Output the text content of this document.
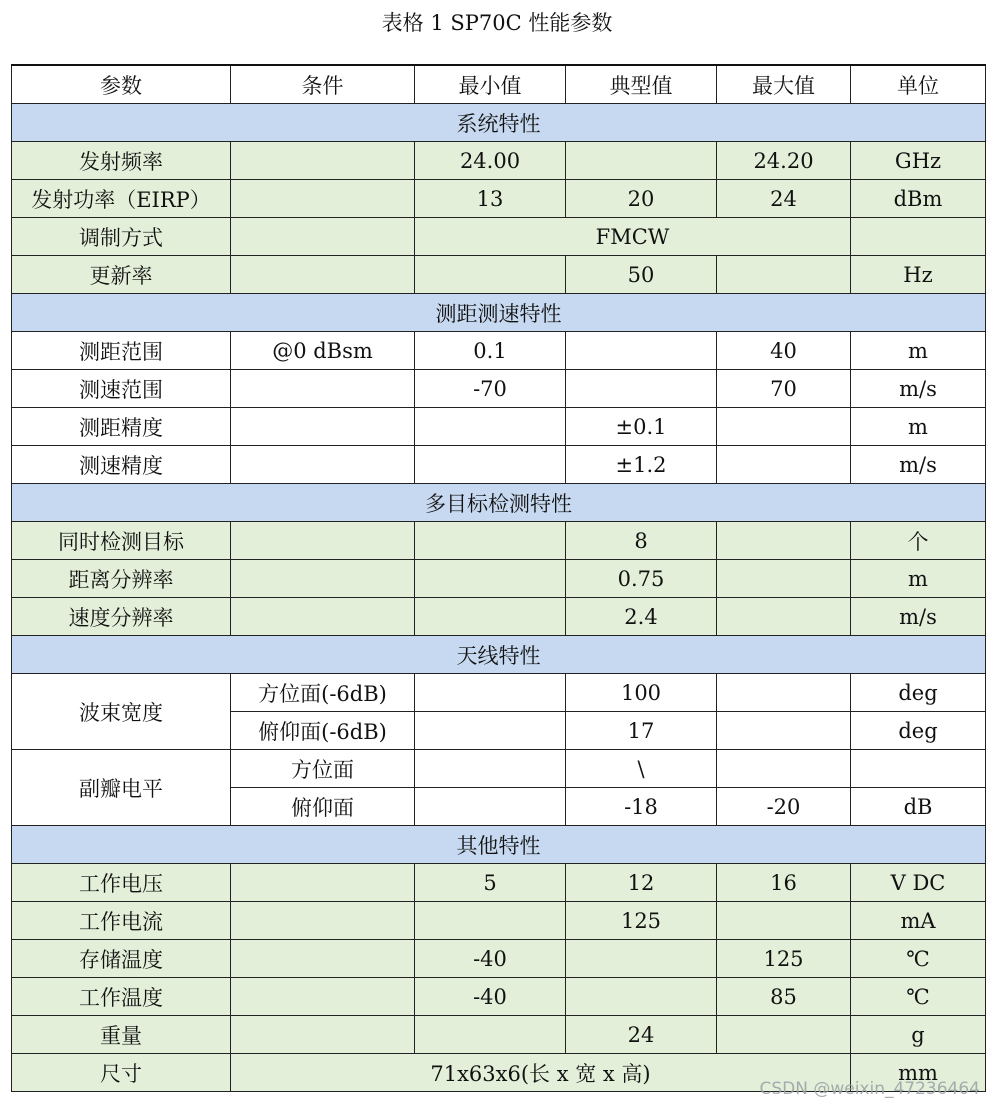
表格 1 SP70C 性能参数
参数	条件	最小值	典型值	最大值	单位
系统特性					
发射频率		24.00		24.20	GHz
发射功率（EIRP）		13	20	24	dBm
调制方式		FMCW			
更新率			50		Hz
测距测速特性					
测距范围	@0 dBsm	0.1		40	m
测速范围		-70		70	m/s
测距精度			±0.1		m
测速精度			±1.2		m/s
多目标检测特性					
同时检测目标			8		个
距离分辨率			0.75		m
速度分辨率			2.4		m/s
天线特性					
波束宽度	方位面(-6dB)		100		deg
	俯仰面(-6dB)		17		deg
副瓣电平	方位面		\		
	俯仰面		-18	-20	dB
其他特性					
工作电压		5	12	16	V DC
工作电流			125		mA
存储温度		-40		125	℃
工作温度		-40		85	℃
重量			24		g
尺寸	71x63x6(长 x 宽 x 高)				mm
CSDN @weixin_47236464
